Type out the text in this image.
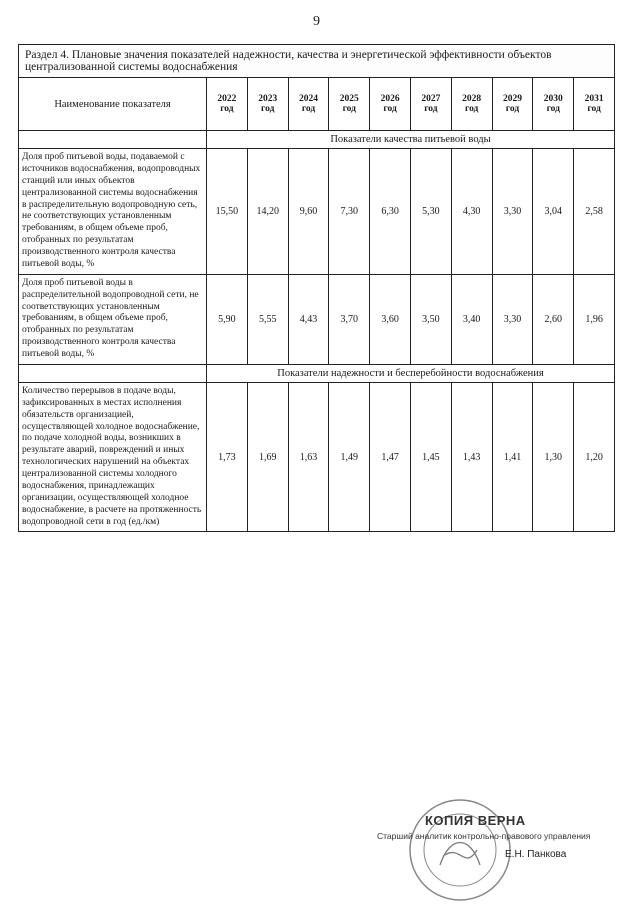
9
Раздел 4. Плановые значения показателей надежности, качества и энергетической эффективности объектов централизованной системы водоснабжения
Наименование показателя	2022 год	2023 год	2024 год	2025 год	2026 год	2027 год	2028 год	2029 год	2030 год	2031 год
	Показатели качества питьевой воды									
Доля проб питьевой воды, подаваемой с источников водоснабжения, водопроводных станций или иных объектов централизованной системы водоснабжения в распределительную водопроводную сеть, не соответствующих установленным требованиям, в общем объеме проб, отобранных по результатам производственного контроля качества питьевой воды, %	15,50	14,20	9,60	7,30	6,30	5,30	4,30	3,30	3,04	2,58
Доля проб питьевой воды в распределительной водопроводной сети, не соответствующих установленным требованиям, в общем объеме проб, отобранных по результатам производственного контроля качества питьевой воды, %	5,90	5,55	4,43	3,70	3,60	3,50	3,40	3,30	2,60	1,96
	Показатели надежности и бесперебойности водоснабжения									
Количество перерывов в подаче воды, зафиксированных в местах исполнения обязательств организацией, осуществляющей холодное водоснабжение, по подаче холодной воды, возникших в результате аварий, повреждений и иных технологических нарушений на объектах централизованной системы холодного водоснабжения, принадлежащих организации, осуществляющей холодное водоснабжение, в расчете на протяженность водопроводной сети в год (ед./км)	1,73	1,69	1,63	1,49	1,47	1,45	1,43	1,41	1,30	1,20
КОПИЯ ВЕРНА
Старший аналитик контрольно-правового управления
Е.Н. Панкова
